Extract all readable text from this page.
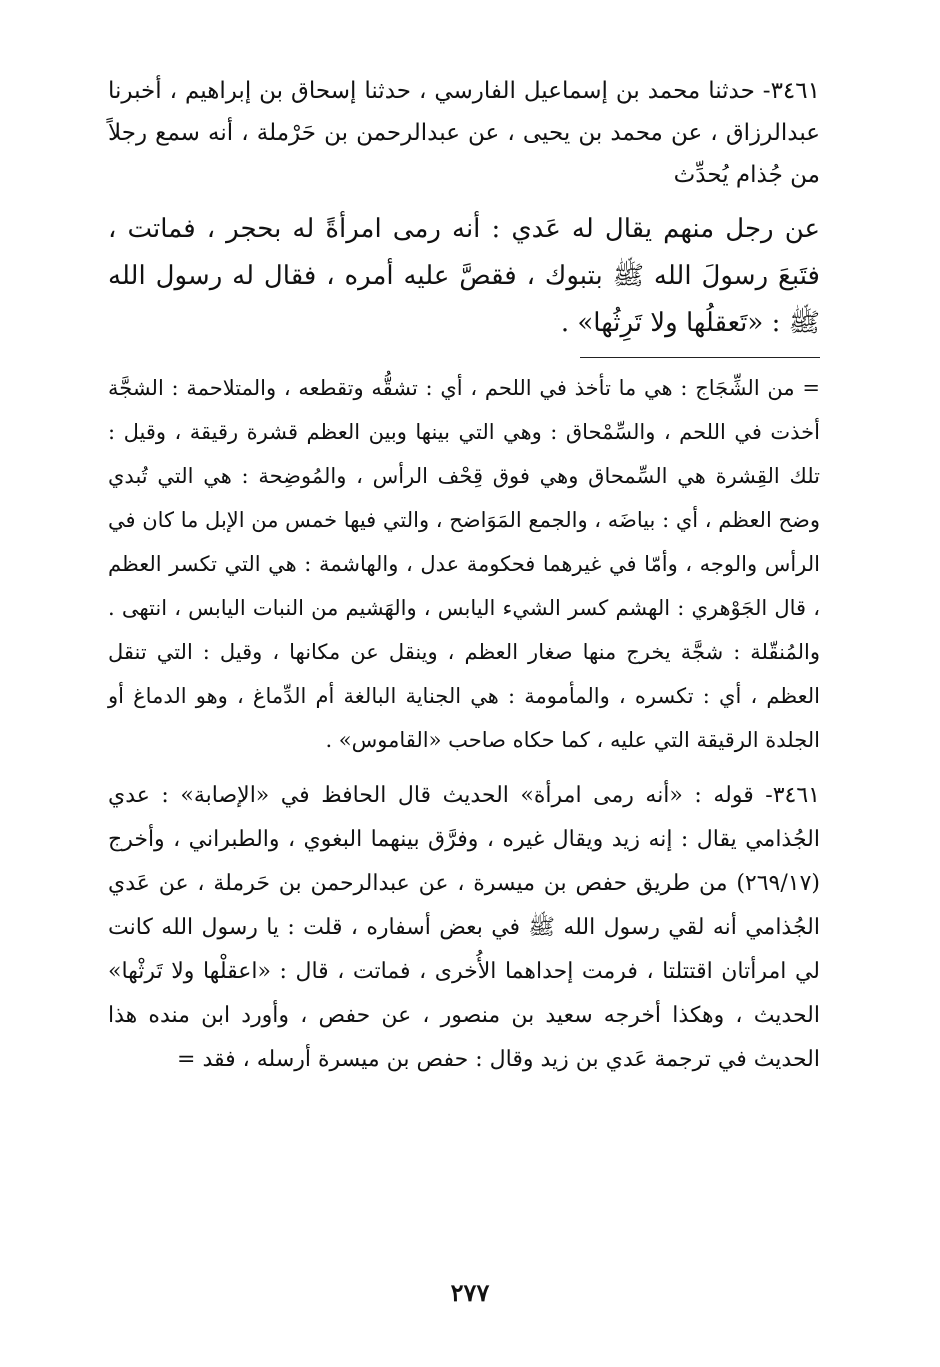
٣٤٦١- حدثنا محمد بن إسماعيل الفارسي ، حدثنا إسحاق بن إبراهيم ، أخبرنا عبدالرزاق ، عن محمد بن يحيى ، عن عبدالرحمن بن حَرْملة ، أنه سمع رجلاً من جُذام يُحدِّث

عن رجل منهم يقال له عَدي : أنه رمى امرأةً له بحجر ، فماتت ، فتَبعَ رسولَ الله ﷺ بتبوك ، فقصَّ عليه أمره ، فقال له رسول الله ﷺ : «تَعقلُها ولا تَرِثُها» .

= من الشِّجَاج : هي ما تأخذ في اللحم ، أي : تشقُّه وتقطعه ، والمتلاحمة : الشجَّة أخذت في اللحم ، والسِّمْحاق : وهي التي بينها وبين العظم قشرة رقيقة ، وقيل : تلك القِشرة هي السِّمحاق وهي فوق قِحْف الرأس ، والمُوضِحة : هي التي تُبدي وضح العظم ، أي : بياضَه ، والجمع المَوَاضح ، والتي فيها خمس من الإبل ما كان في الرأس والوجه ، وأمّا في غيرهما فحكومة عدل ، والهاشمة : هي التي تكسر العظم ، قال الجَوْهري : الهشم كسر الشيء اليابس ، والهَشيم من النبات اليابس ، انتهى . والمُنقّلة : شجَّة يخرج منها صغار العظم ، وينقل عن مكانها ، وقيل : التي تنقل العظم ، أي : تكسره ، والمأمومة : هي الجناية البالغة أم الدِّماغ ، وهو الدماغ أو الجلدة الرقيقة التي عليه ، كما حكاه صاحب «القاموس» .

٣٤٦١- قوله : «أنه رمى امرأة» الحديث قال الحافظ في «الإصابة» : عدي الجُذامي يقال : إنه زيد ويقال غيره ، وفرَّق بينهما البغوي ، والطبراني ، وأخرج (٢٦٩/١٧) من طريق حفص بن ميسرة ، عن عبدالرحمن بن حَرملة ، عن عَدي الجُذامي أنه لقي رسول الله ﷺ في بعض أسفاره ، قلت : يا رسول الله كانت لي امرأتان اقتتلتا ، فرمت إحداهما الأُخرى ، فماتت ، قال : «اعقلْها ولا تَرثْها» الحديث ، وهكذا أخرجه سعيد بن منصور ، عن حفص ، وأورد ابن منده هذا الحديث في ترجمة عَدي بن زيد وقال : حفص بن ميسرة أرسله ، فقد =

٢٧٧
